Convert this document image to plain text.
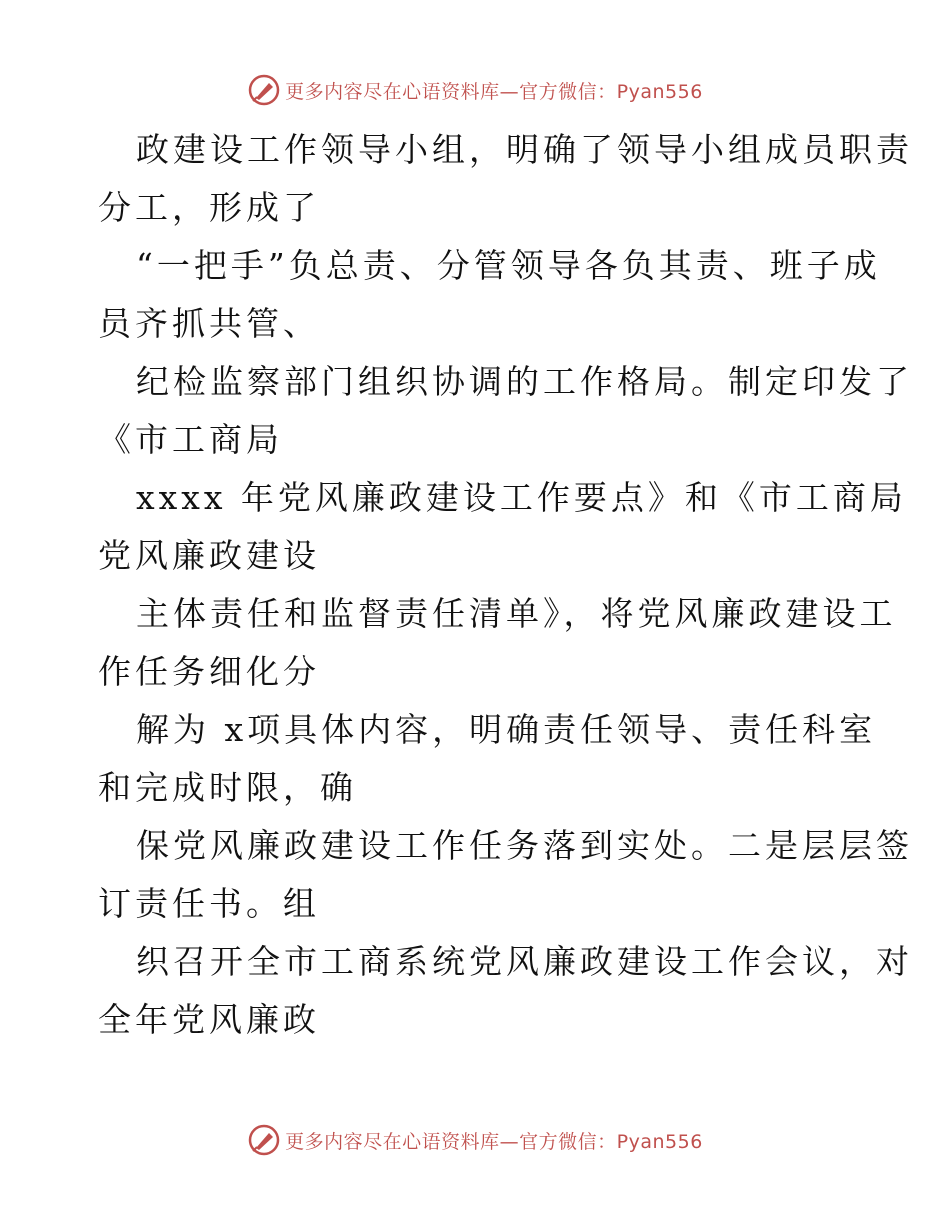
更多内容尽在心语资料库—官方微信：Pyan556
政建设工作领导小组，明确了领导小组成员职责
分工，形成了
“一把手”负总责、分管领导各负其责、班子成
员齐抓共管、
纪检监察部门组织协调的工作格局。制定印发了
《市工商局
xxxx 年党风廉政建设工作要点》和《市工商局
党风廉政建设
主体责任和监督责任清单》，将党风廉政建设工
作任务细化分
解为 x项具体内容，明确责任领导、责任科室
和完成时限，确
保党风廉政建设工作任务落到实处。二是层层签
订责任书。组
织召开全市工商系统党风廉政建设工作会议，对
全年党风廉政
更多内容尽在心语资料库—官方微信：Pyan556
